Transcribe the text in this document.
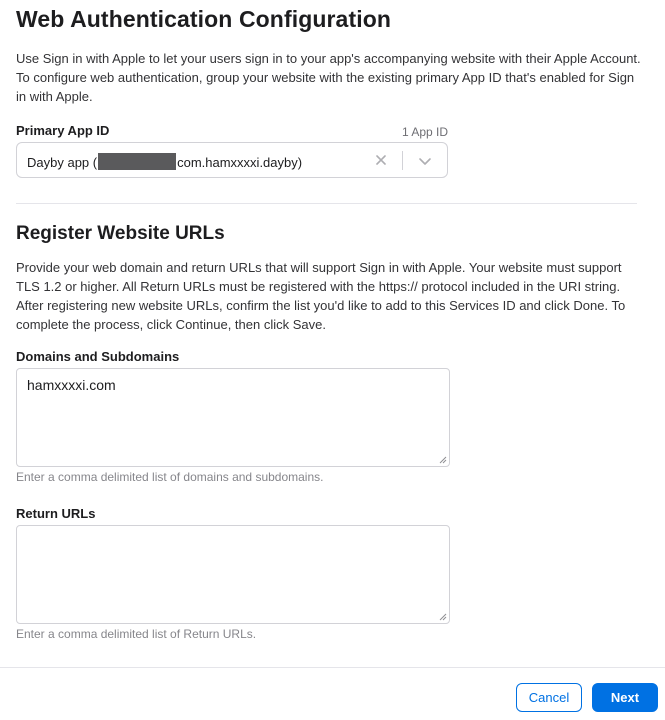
Web Authentication Configuration

Use Sign in with Apple to let your users sign in to your app's accompanying website with their Apple Account. To configure web authentication, group your website with the existing primary App ID that's enabled for Sign in with Apple.

Primary App ID	1 App ID
Dayby app (	com.hamxxxxi.dayby)
Register Website URLs

Provide your web domain and return URLs that will support Sign in with Apple. Your website must support TLS 1.2 or higher. All Return URLs must be registered with the https:// protocol included in the URI string. After registering new website URLs, confirm the list you'd like to add to this Services ID and click Done. To complete the process, click Continue, then click Save.

Domains and Subdomains
hamxxxxi.com
Enter a comma delimited list of domains and subdomains.
Return URLs
Enter a comma delimited list of Return URLs.
Cancel	Next
